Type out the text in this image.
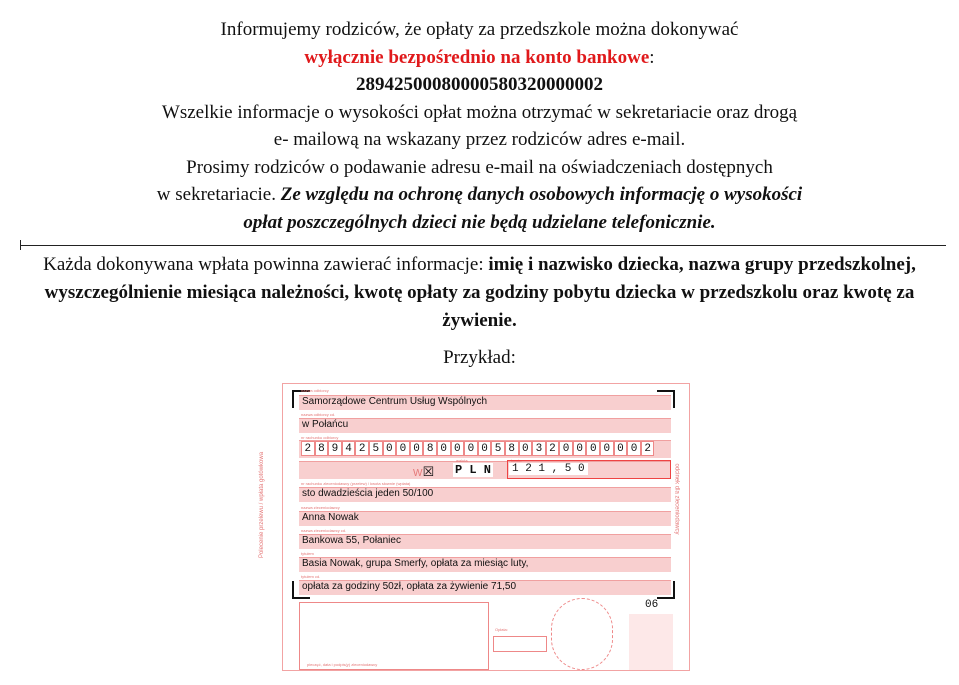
Informujemy rodziców, że opłaty za przedszkole można dokonywać
wyłącznie bezpośrednio na konto bankowe:
28942500080000580320000002
Wszelkie informacje o wysokości opłat można otrzymać w sekretariacie oraz drogą
e- mailową na wskazany przez rodziców adres e-mail.
Prosimy rodziców o podawanie adresu e-mail na oświadczeniach dostępnych
w sekretariacie. Ze względu na ochronę danych osobowych informację o wysokości
opłat poszczególnych dzieci nie będą udzielane telefonicznie.
Każda dokonywana wpłata powinna zawierać informacje: imię i nazwisko dziecka, nazwa grupy przedszkolnej, wyszczególnienie miesiąca należności, kwotę opłaty za godziny pobytu dziecka w przedszkolu oraz kwotę za żywienie.
Przykład:
Polecenie przelewu / wpłata gotówkowa	odcinek dla zleceniodawcy
nazwa odbiorcy
Samorządowe Centrum Usług Wspólnych
nazwa odbiorcy cd.
w Połańcu
nr rachunku odbiorcy
2 8 9 4 2 5 0 0 0 8 0 0 0 0 5 8 0 3 2 0 0 0 0 0 0 2
W☒
waluta
P L N
kwota
1 2 1 , 5 0
nr rachunku zleceniodawcy (przelew) / kwota słownie (wpłata)
sto dwadzieścia jeden 50/100
nazwa zleceniodawcy
Anna Nowak
nazwa zleceniodawcy cd.
Bankowa 55, Połaniec
tytułem
Basia Nowak, grupa Smerfy, opłata za miesiąc luty,
tytułem cd.
opłata za godziny 50zł, opłata za żywienie 71,50
06
pieczęć, data i podpis(y) zleceniodawcy
Opłata:
